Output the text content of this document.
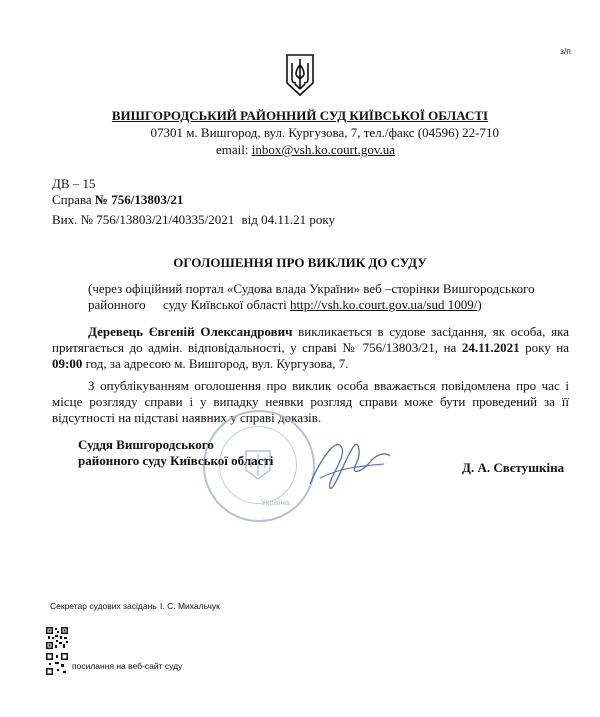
з/п
ВИШГОРОДСЬКИЙ РАЙОННИЙ СУД КИЇВСЬКОЇ ОБЛАСТІ
07301 м. Вишгород, вул. Кургузова, 7, тел./факс (04596) 22-710
email: inbox@vsh.ko.court.gov.ua
ДВ – 15
Справа № 756/13803/21
Вих. № 756/13803/21/40335/2021 від 04.11.21 року
ОГОЛОШЕННЯ ПРО ВИКЛИК ДО СУДУ
(через офіційний портал «Судова влада України» веб –сторінки Вишгородського районного	суду Київської області http://vsh.ko.court.gov.ua/sud 1009/)
Деревець Євгеній Олександрович викликається в судове засідання, як особа, яка притягається до адмін. відповідальності, у справі № 756/13803/21, на 24.11.2021 року на 09:00 год, за адресою м. Вишгород, вул. Кургузова, 7.
З опублікуванням оголошення про виклик особа вважається повідомлена про час і місце розгляду справи і у випадку неявки розгляд справи може бути проведений за її відсутності на підставі наявних у справі доказів.
Україна
Суддя Вишгородського
районного суду Київської області	Д. А. Свєтушкіна
Секретар судових засідань І. С. Михальчук
посилання на веб-сайт суду
